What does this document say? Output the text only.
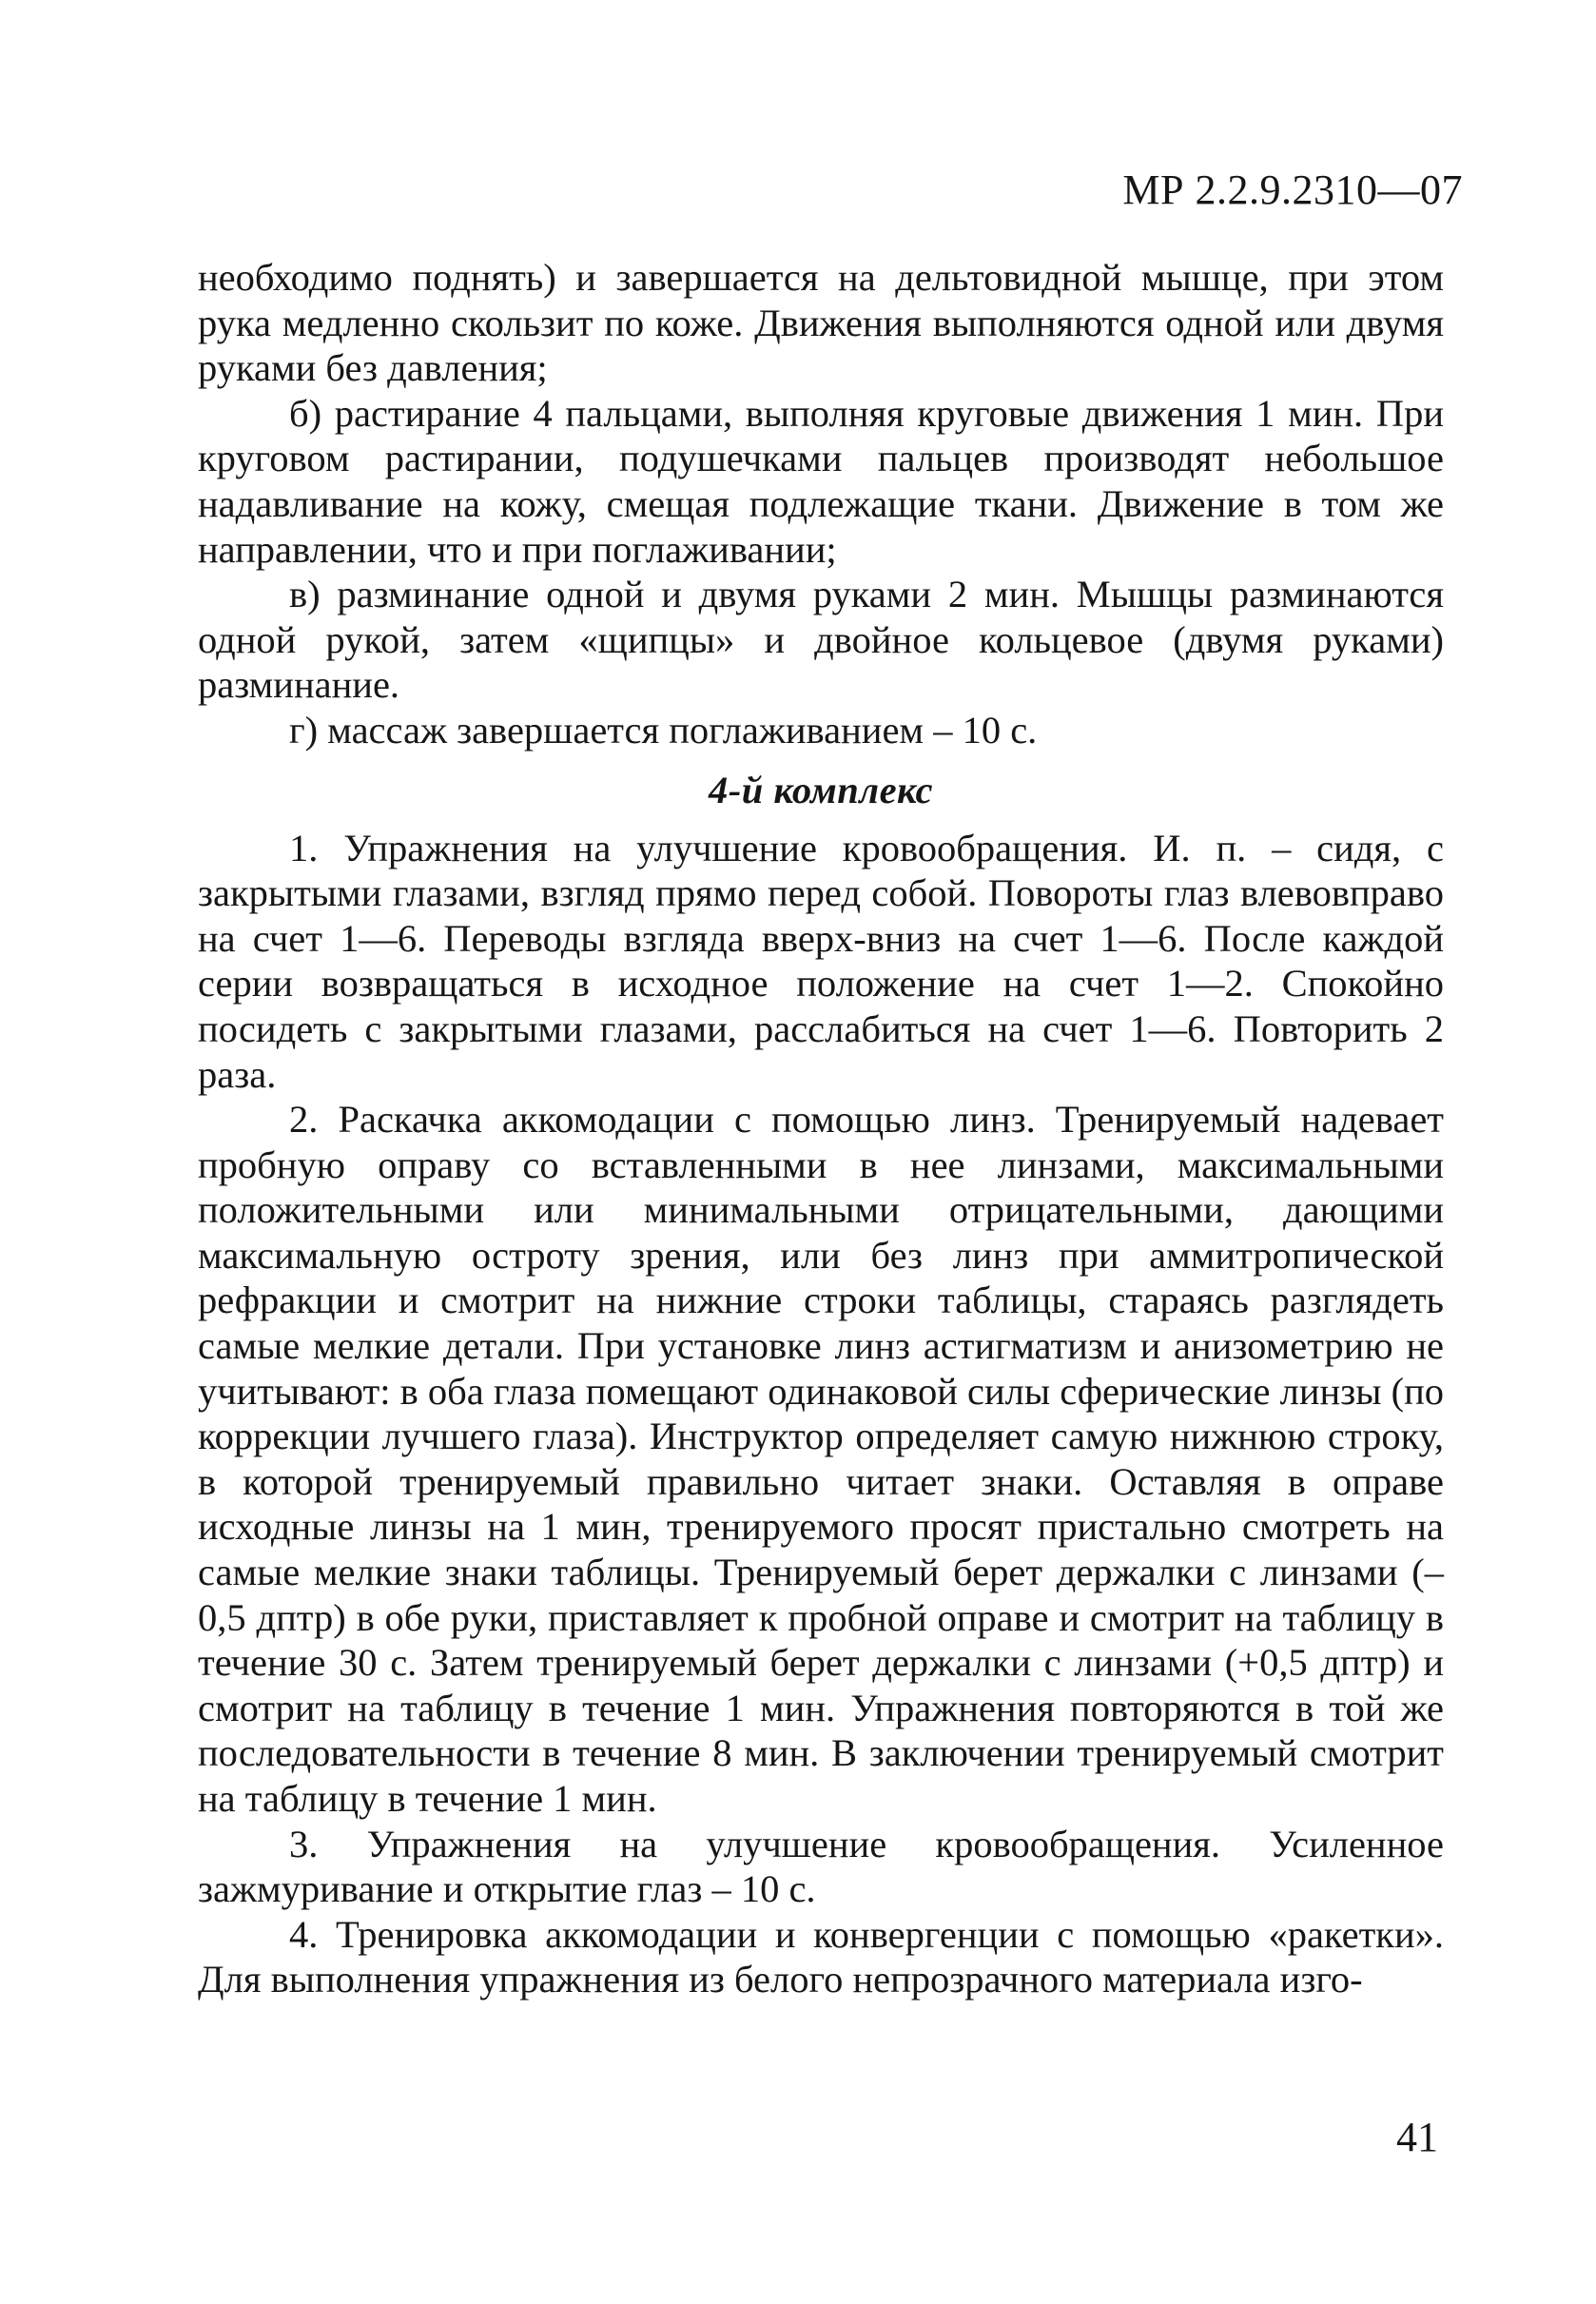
МР 2.2.9.2310—07

необходимо поднять) и завершается на дельтовидной мышце, при этом рука медленно скользит по коже. Движения выполняются одной или двумя руками без давления;

б) растирание 4 пальцами, выполняя круговые движения 1 мин. При круговом растирании, подушечками пальцев производят небольшое надавливание на кожу, смещая подлежащие ткани. Движение в том же направлении, что и при поглаживании;

в) разминание одной и двумя руками 2 мин. Мышцы разминаются одной рукой, затем «щипцы» и двойное кольцевое (двумя руками) разминание.

г) массаж завершается поглаживанием – 10 с.

4-й комплекс

1. Упражнения на улучшение кровообращения. И. п. – сидя, с закрытыми глазами, взгляд прямо перед собой. Повороты глаз влевовправо на счет 1—6. Переводы взгляда вверх-вниз на счет 1—6. После каждой серии возвращаться в исходное положение на счет 1—2. Спокойно посидеть с закрытыми глазами, расслабиться на счет 1—6. Повторить 2 раза.

2. Раскачка аккомодации с помощью линз. Тренируемый надевает пробную оправу со вставленными в нее линзами, максимальными положительными или минимальными отрицательными, дающими максимальную остроту зрения, или без линз при аммитропической рефракции и смотрит на нижние строки таблицы, стараясь разглядеть самые мелкие детали. При установке линз астигматизм и анизометрию не учитывают: в оба глаза помещают одинаковой силы сферические линзы (по коррекции лучшего глаза). Инструктор определяет самую нижнюю строку, в которой тренируемый правильно читает знаки. Оставляя в оправе исходные линзы на 1 мин, тренируемого просят пристально смотреть на самые мелкие знаки таблицы. Тренируемый берет держалки с линзами (–0,5 дптр) в обе руки, приставляет к пробной оправе и смотрит на таблицу в течение 30 с. Затем тренируемый берет держалки с линзами (+0,5 дптр) и смотрит на таблицу в течение 1 мин. Упражнения повторяются в той же последовательности в течение 8 мин. В заключении тренируемый смотрит на таблицу в течение 1 мин.

3. Упражнения на улучшение кровообращения. Усиленное зажмуривание и открытие глаз – 10 с.

4. Тренировка аккомодации и конвергенции с помощью «ракетки». Для выполнения упражнения из белого непрозрачного материала изго-

41
